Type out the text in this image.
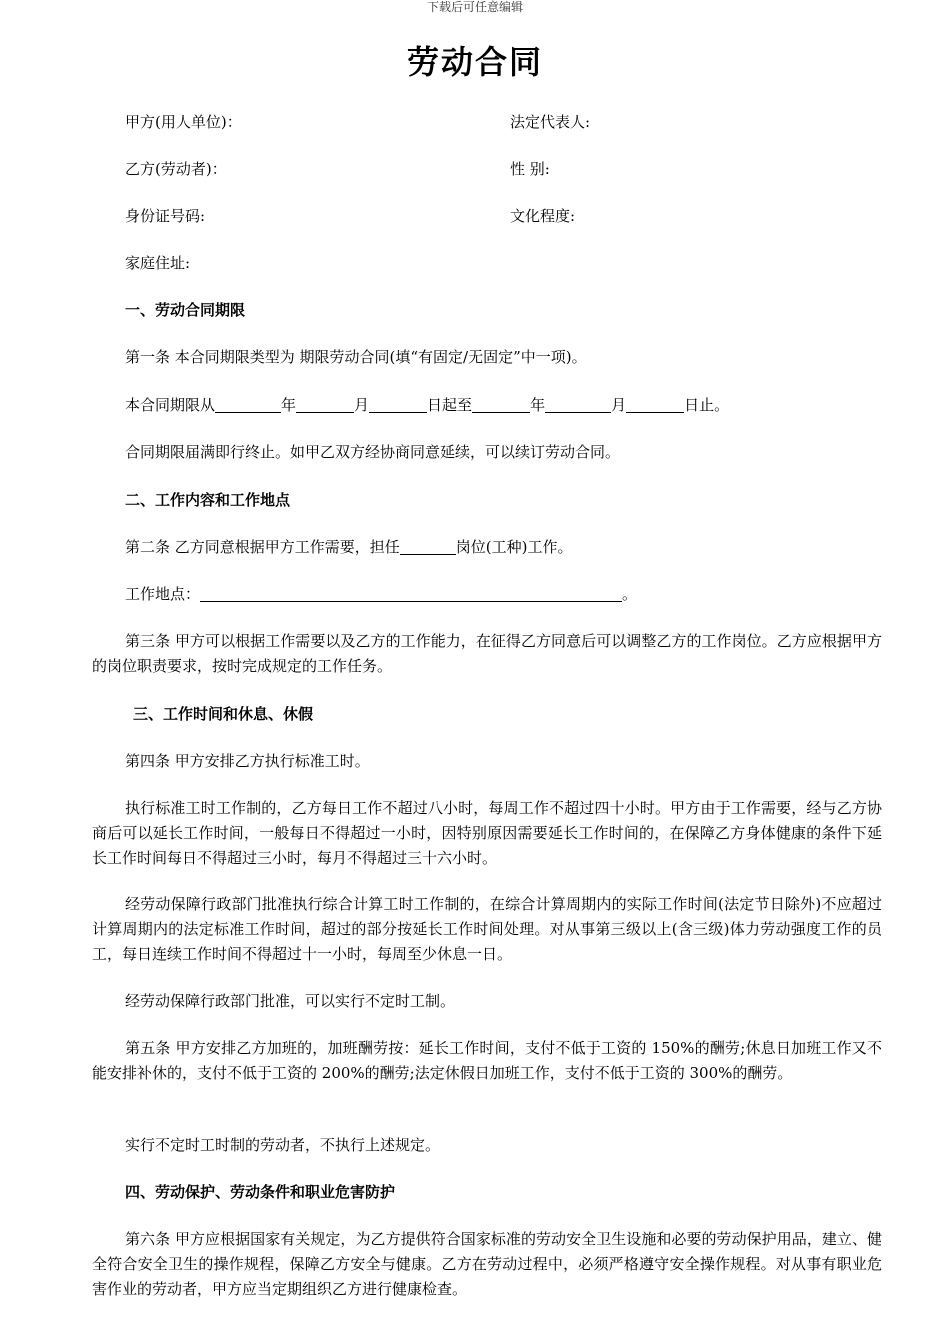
下载后可任意编辑
劳动合同
甲方(用人单位)：	法定代表人:
乙方(劳动者)：	性 别:
身份证号码:	文化程度:
家庭住址:
一、劳动合同期限
第一条 本合同期限类型为 期限劳动合同(填“有固定/无固定”中一项)。
本合同期限从	年	月	日起至	年	月	日止。
合同期限届满即行终止。如甲乙双方经协商同意延续，可以续订劳动合同。
二、工作内容和工作地点
第二条 乙方同意根据甲方工作需要，担任	岗位(工种)工作。
工作地点：	。
第三条 甲方可以根据工作需要以及乙方的工作能力，在征得乙方同意后可以调整乙方的工作岗位。乙方应根据甲方的岗位职责要求，按时完成规定的工作任务。
三、工作时间和休息、休假
第四条 甲方安排乙方执行标准工时。
执行标准工时工作制的，乙方每日工作不超过八小时，每周工作不超过四十小时。甲方由于工作需要，经与乙方协商后可以延长工作时间，一般每日不得超过一小时，因特别原因需要延长工作时间的，在保障乙方身体健康的条件下延长工作时间每日不得超过三小时，每月不得超过三十六小时。
经劳动保障行政部门批准执行综合计算工时工作制的，在综合计算周期内的实际工作时间(法定节日除外)不应超过计算周期内的法定标准工作时间，超过的部分按延长工作时间处理。对从事第三级以上(含三级)体力劳动强度工作的员工，每日连续工作时间不得超过十一小时，每周至少休息一日。
经劳动保障行政部门批准，可以实行不定时工制。
第五条 甲方安排乙方加班的，加班酬劳按：延长工作时间，支付不低于工资的 150%的酬劳;休息日加班工作又不能安排补休的，支付不低于工资的 200%的酬劳;法定休假日加班工作，支付不低于工资的 300%的酬劳。
实行不定时工时制的劳动者，不执行上述规定。
四、劳动保护、劳动条件和职业危害防护
第六条 甲方应根据国家有关规定，为乙方提供符合国家标准的劳动安全卫生设施和必要的劳动保护用品，建立、健全符合安全卫生的操作规程，保障乙方安全与健康。乙方在劳动过程中，必须严格遵守安全操作规程。对从事有职业危害作业的劳动者，甲方应当定期组织乙方进行健康检查。
